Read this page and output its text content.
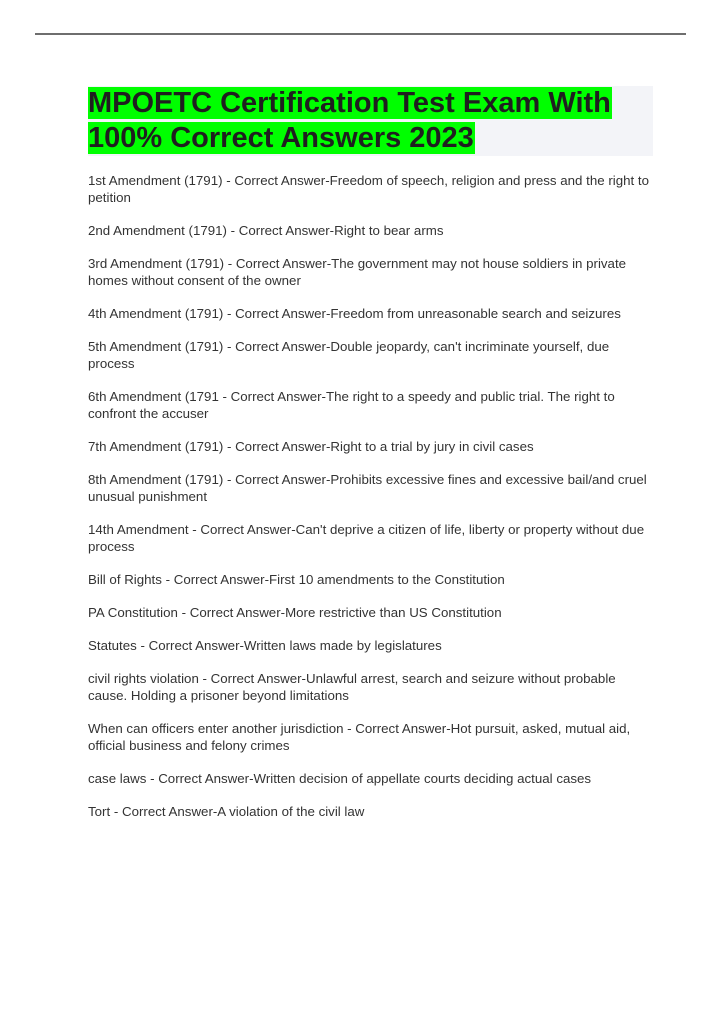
MPOETC Certification Test Exam With 100% Correct Answers 2023
1st Amendment (1791) - Correct Answer-Freedom of speech, religion and press and the right to petition
2nd Amendment (1791) - Correct Answer-Right to bear arms
3rd Amendment (1791) - Correct Answer-The government may not house soldiers in private homes without consent of the owner
4th Amendment (1791) - Correct Answer-Freedom from unreasonable search and seizures
5th Amendment (1791) - Correct Answer-Double jeopardy, can't incriminate yourself, due process
6th Amendment (1791 - Correct Answer-The right to a speedy and public trial. The right to confront the accuser
7th Amendment (1791) - Correct Answer-Right to a trial by jury in civil cases
8th Amendment (1791) - Correct Answer-Prohibits excessive fines and excessive bail/and cruel unusual punishment
14th Amendment - Correct Answer-Can't deprive a citizen of life, liberty or property without due process
Bill of Rights - Correct Answer-First 10 amendments to the Constitution
PA Constitution - Correct Answer-More restrictive than US Constitution
Statutes - Correct Answer-Written laws made by legislatures
civil rights violation - Correct Answer-Unlawful arrest, search and seizure without probable cause. Holding a prisoner beyond limitations
When can officers enter another jurisdiction - Correct Answer-Hot pursuit, asked, mutual aid, official business and felony crimes
case laws - Correct Answer-Written decision of appellate courts deciding actual cases
Tort - Correct Answer-A violation of the civil law
